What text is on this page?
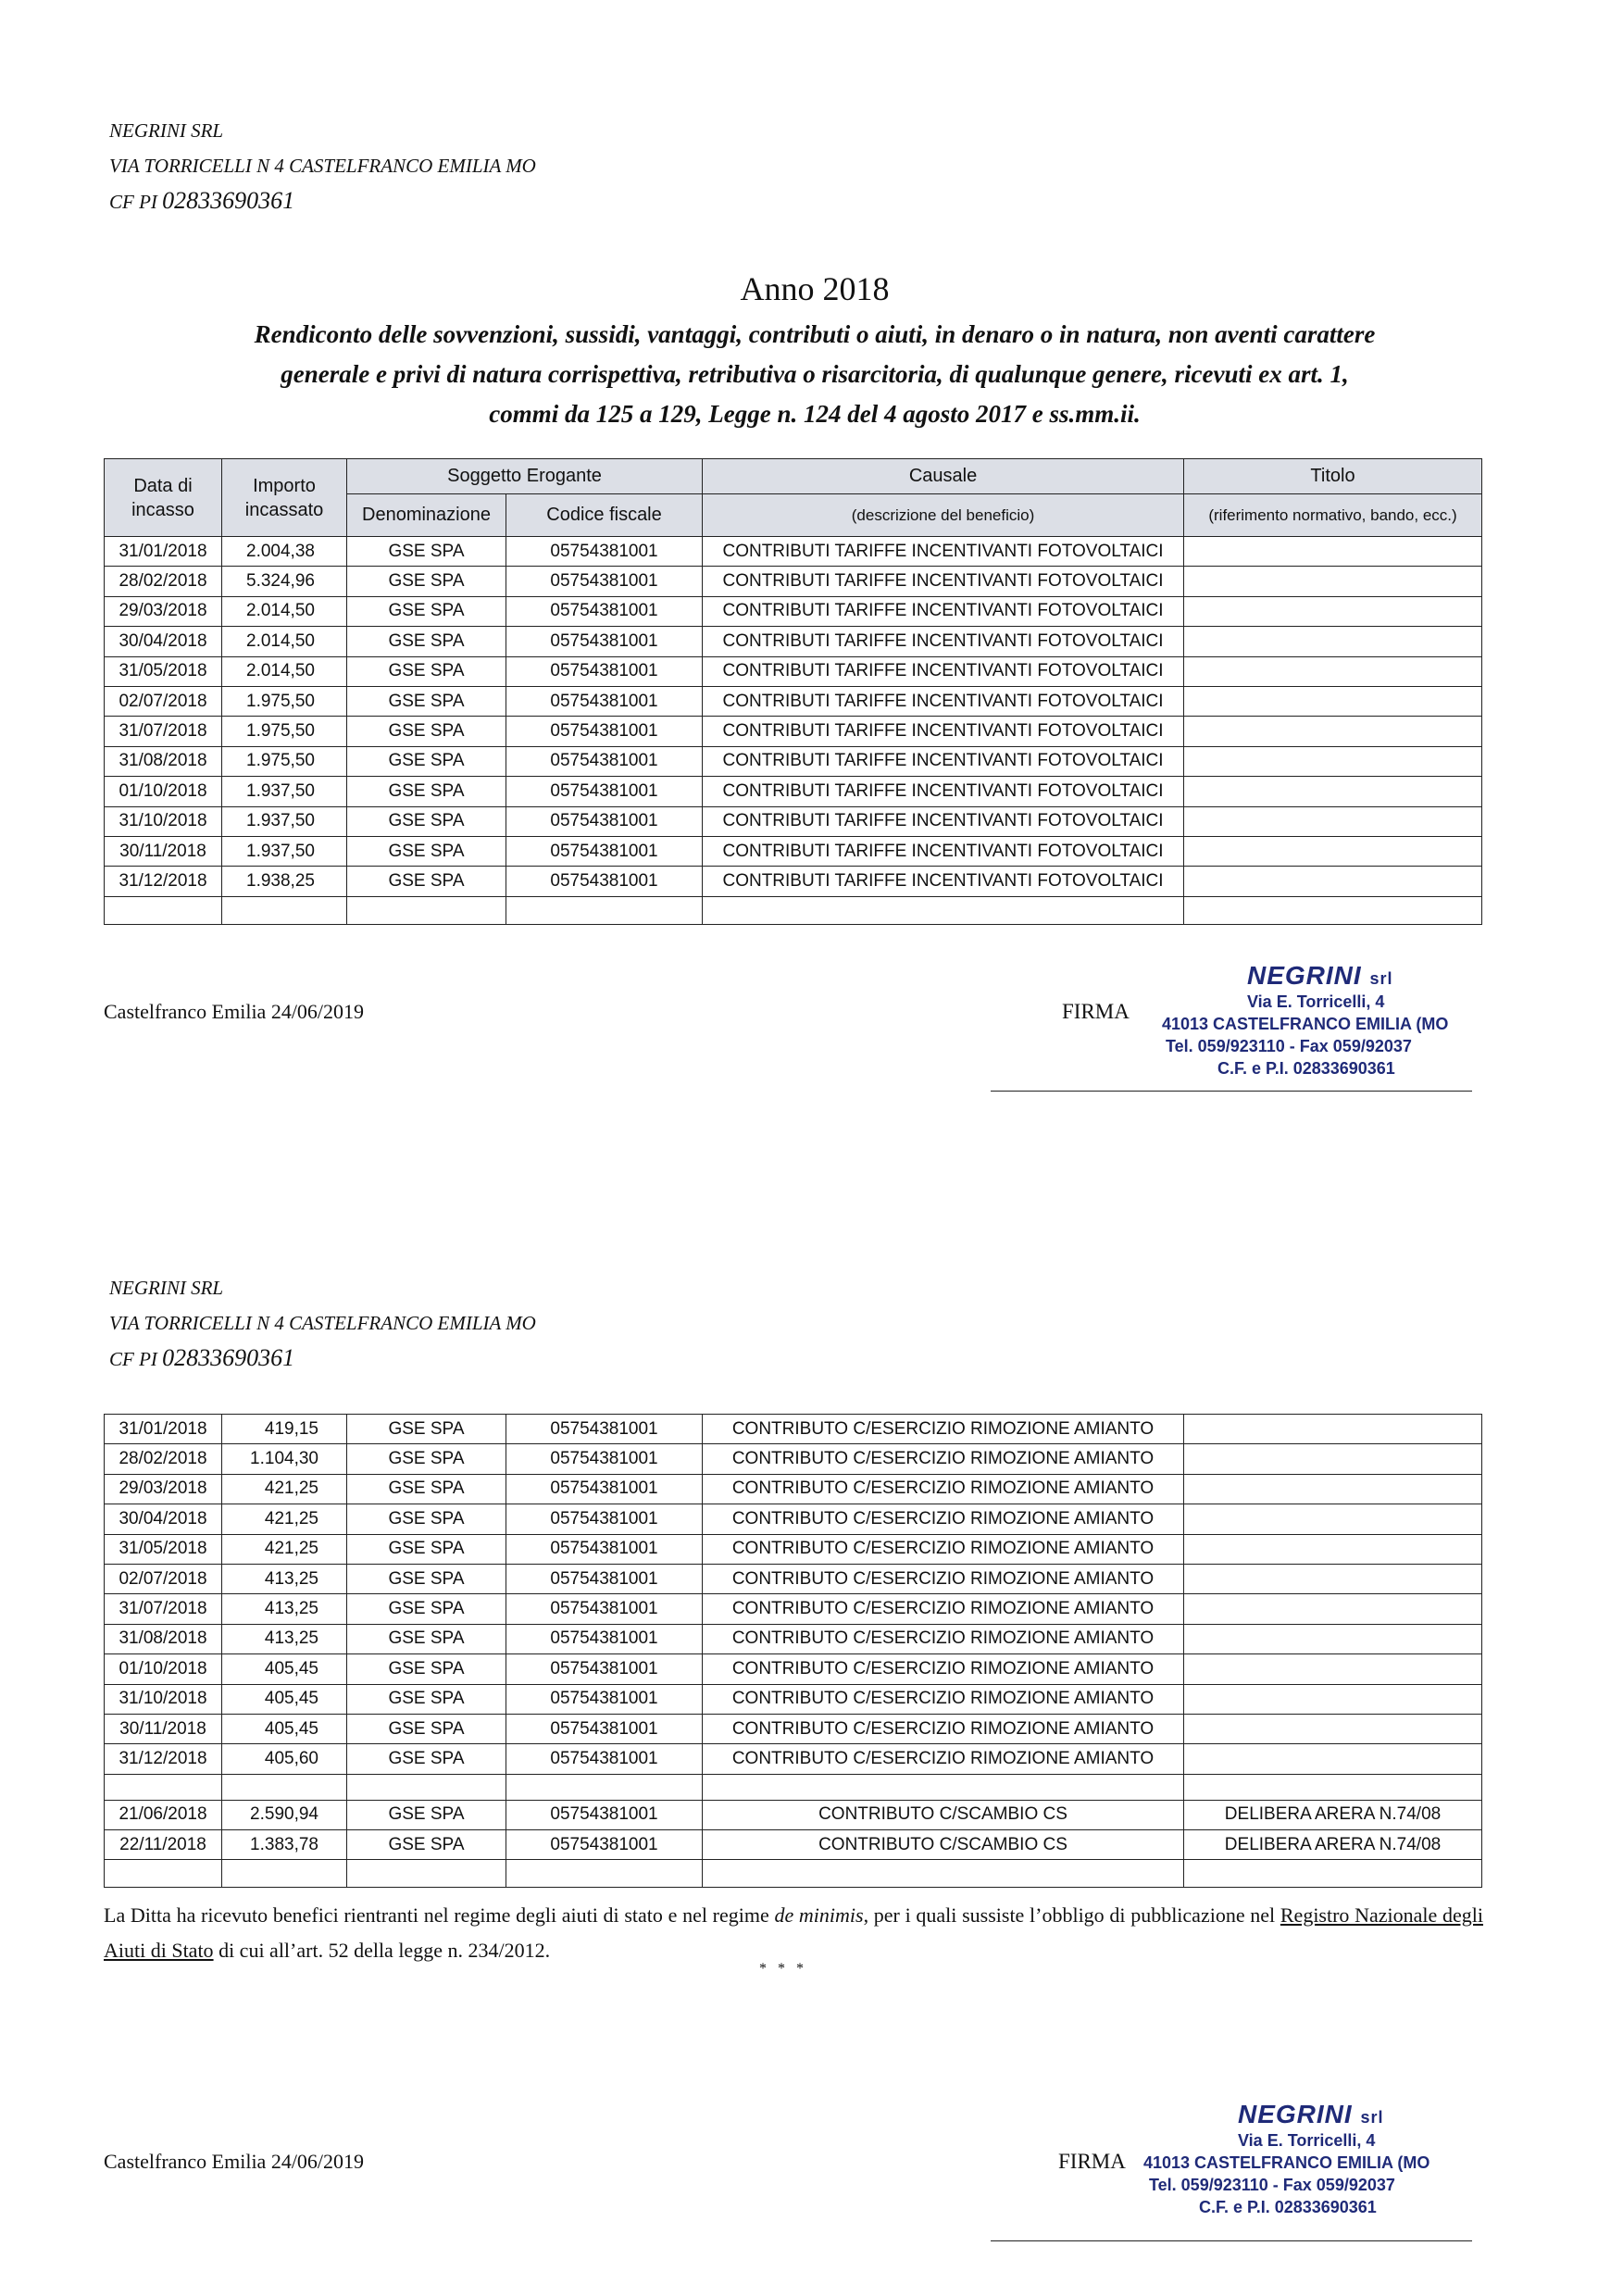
NEGRINI SRL
VIA TORRICELLI N 4 CASTELFRANCO EMILIA MO
CF PI 02833690361
Anno 2018
Rendiconto delle sovvenzioni, sussidi, vantaggi, contributi o aiuti, in denaro o in natura, non aventi carattere
generale e privi di natura corrispettiva, retributiva o risarcitoria, di qualunque genere, ricevuti ex art. 1,
commi da 125 a 129, Legge n. 124 del 4 agosto 2017 e ss.mm.ii.
Data di incasso	Importo incassato	Soggetto Erogante		Causale	Titolo
		Denominazione	Codice fiscale	(descrizione del beneficio)	(riferimento normativo, bando, ecc.)
31/01/2018	2.004,38	GSE SPA	05754381001	CONTRIBUTI TARIFFE INCENTIVANTI FOTOVOLTAICI	
28/02/2018	5.324,96	GSE SPA	05754381001	CONTRIBUTI TARIFFE INCENTIVANTI FOTOVOLTAICI	
29/03/2018	2.014,50	GSE SPA	05754381001	CONTRIBUTI TARIFFE INCENTIVANTI FOTOVOLTAICI	
30/04/2018	2.014,50	GSE SPA	05754381001	CONTRIBUTI TARIFFE INCENTIVANTI FOTOVOLTAICI	
31/05/2018	2.014,50	GSE SPA	05754381001	CONTRIBUTI TARIFFE INCENTIVANTI FOTOVOLTAICI	
02/07/2018	1.975,50	GSE SPA	05754381001	CONTRIBUTI TARIFFE INCENTIVANTI FOTOVOLTAICI	
31/07/2018	1.975,50	GSE SPA	05754381001	CONTRIBUTI TARIFFE INCENTIVANTI FOTOVOLTAICI	
31/08/2018	1.975,50	GSE SPA	05754381001	CONTRIBUTI TARIFFE INCENTIVANTI FOTOVOLTAICI	
01/10/2018	1.937,50	GSE SPA	05754381001	CONTRIBUTI TARIFFE INCENTIVANTI FOTOVOLTAICI	
31/10/2018	1.937,50	GSE SPA	05754381001	CONTRIBUTI TARIFFE INCENTIVANTI FOTOVOLTAICI	
30/11/2018	1.937,50	GSE SPA	05754381001	CONTRIBUTI TARIFFE INCENTIVANTI FOTOVOLTAICI	
31/12/2018	1.938,25	GSE SPA	05754381001	CONTRIBUTI TARIFFE INCENTIVANTI FOTOVOLTAICI	

Castelfranco Emilia 24/06/2019	FIRMA
NEGRINI srl
Via E. Torricelli, 4
41013 CASTELFRANCO EMILIA (MO
Tel. 059/923110 - Fax 059/92037
C.F. e P.I. 02833690361
NEGRINI SRL
VIA TORRICELLI N 4 CASTELFRANCO EMILIA MO
CF PI 02833690361
31/01/2018	419,15	GSE SPA	05754381001	CONTRIBUTO C/ESERCIZIO RIMOZIONE AMIANTO	
28/02/2018	1.104,30	GSE SPA	05754381001	CONTRIBUTO C/ESERCIZIO RIMOZIONE AMIANTO	
29/03/2018	421,25	GSE SPA	05754381001	CONTRIBUTO C/ESERCIZIO RIMOZIONE AMIANTO	
30/04/2018	421,25	GSE SPA	05754381001	CONTRIBUTO C/ESERCIZIO RIMOZIONE AMIANTO	
31/05/2018	421,25	GSE SPA	05754381001	CONTRIBUTO C/ESERCIZIO RIMOZIONE AMIANTO	
02/07/2018	413,25	GSE SPA	05754381001	CONTRIBUTO C/ESERCIZIO RIMOZIONE AMIANTO	
31/07/2018	413,25	GSE SPA	05754381001	CONTRIBUTO C/ESERCIZIO RIMOZIONE AMIANTO	
31/08/2018	413,25	GSE SPA	05754381001	CONTRIBUTO C/ESERCIZIO RIMOZIONE AMIANTO	
01/10/2018	405,45	GSE SPA	05754381001	CONTRIBUTO C/ESERCIZIO RIMOZIONE AMIANTO	
31/10/2018	405,45	GSE SPA	05754381001	CONTRIBUTO C/ESERCIZIO RIMOZIONE AMIANTO	
30/11/2018	405,45	GSE SPA	05754381001	CONTRIBUTO C/ESERCIZIO RIMOZIONE AMIANTO	
31/12/2018	405,60	GSE SPA	05754381001	CONTRIBUTO C/ESERCIZIO RIMOZIONE AMIANTO	

21/06/2018	2.590,94	GSE SPA	05754381001	CONTRIBUTO C/SCAMBIO CS	DELIBERA ARERA N.74/08
22/11/2018	1.383,78	GSE SPA	05754381001	CONTRIBUTO C/SCAMBIO CS	DELIBERA ARERA N.74/08

La Ditta ha ricevuto benefici rientranti nel regime degli aiuti di stato e nel regime de minimis, per i quali sussiste l’obbligo di pubblicazione nel Registro Nazionale degli Aiuti di Stato di cui all’art. 52 della legge n. 234/2012.
* * *
Castelfranco Emilia 24/06/2019	FIRMA
NEGRINI srl
Via E. Torricelli, 4
41013 CASTELFRANCO EMILIA (MO
Tel. 059/923110 - Fax 059/92037
C.F. e P.I. 02833690361
